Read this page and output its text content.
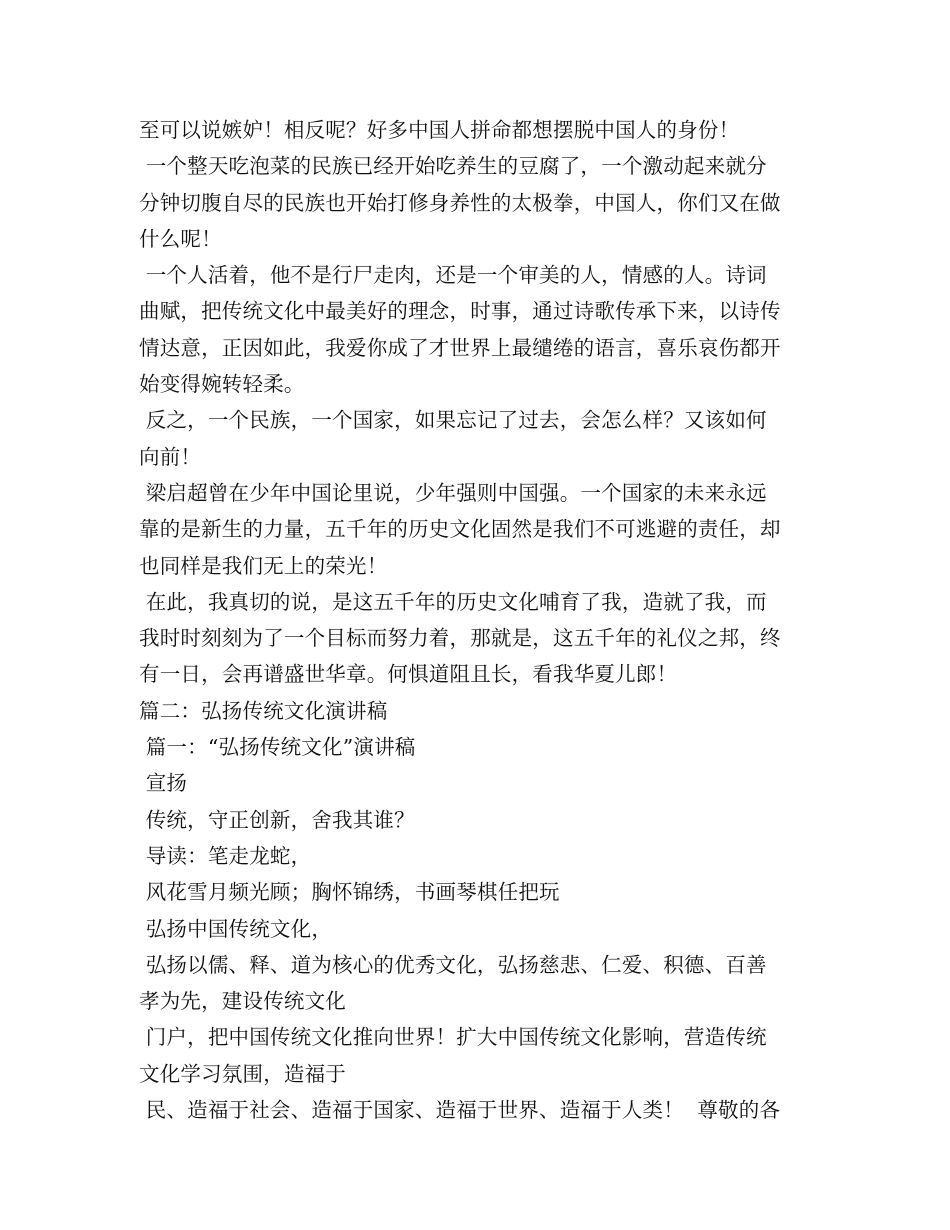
至可以说嫉妒！相反呢？好多中国人拼命都想摆脱中国人的身份！
一个整天吃泡菜的民族已经开始吃养生的豆腐了，一个激动起来就分
分钟切腹自尽的民族也开始打修身养性的太极拳，中国人，你们又在做
什么呢！
一个人活着，他不是行尸走肉，还是一个审美的人，情感的人。诗词
曲赋，把传统文化中最美好的理念，时事，通过诗歌传承下来，以诗传
情达意，正因如此，我爱你成了才世界上最缱绻的语言，喜乐哀伤都开
始变得婉转轻柔。
反之，一个民族，一个国家，如果忘记了过去，会怎么样？又该如何
向前！
梁启超曾在少年中国论里说，少年强则中国强。一个国家的未来永远
靠的是新生的力量，五千年的历史文化固然是我们不可逃避的责任，却
也同样是我们无上的荣光！
在此，我真切的说，是这五千年的历史文化哺育了我，造就了我，而
我时时刻刻为了一个目标而努力着，那就是，这五千年的礼仪之邦，终
有一日，会再谱盛世华章。何惧道阻且长，看我华夏儿郎！
篇二：弘扬传统文化演讲稿
篇一：“弘扬传统文化”演讲稿
宣扬
传统，守正创新，舍我其谁？
导读：笔走龙蛇，
风花雪月频光顾；胸怀锦绣，书画琴棋任把玩
弘扬中国传统文化，
弘扬以儒、释、道为核心的优秀文化，弘扬慈悲、仁爱、积德、百善
孝为先，建设传统文化
门户，把中国传统文化推向世界！扩大中国传统文化影响，营造传统
文化学习氛围，造福于
民、造福于社会、造福于国家、造福于世界、造福于人类！  尊敬的各
